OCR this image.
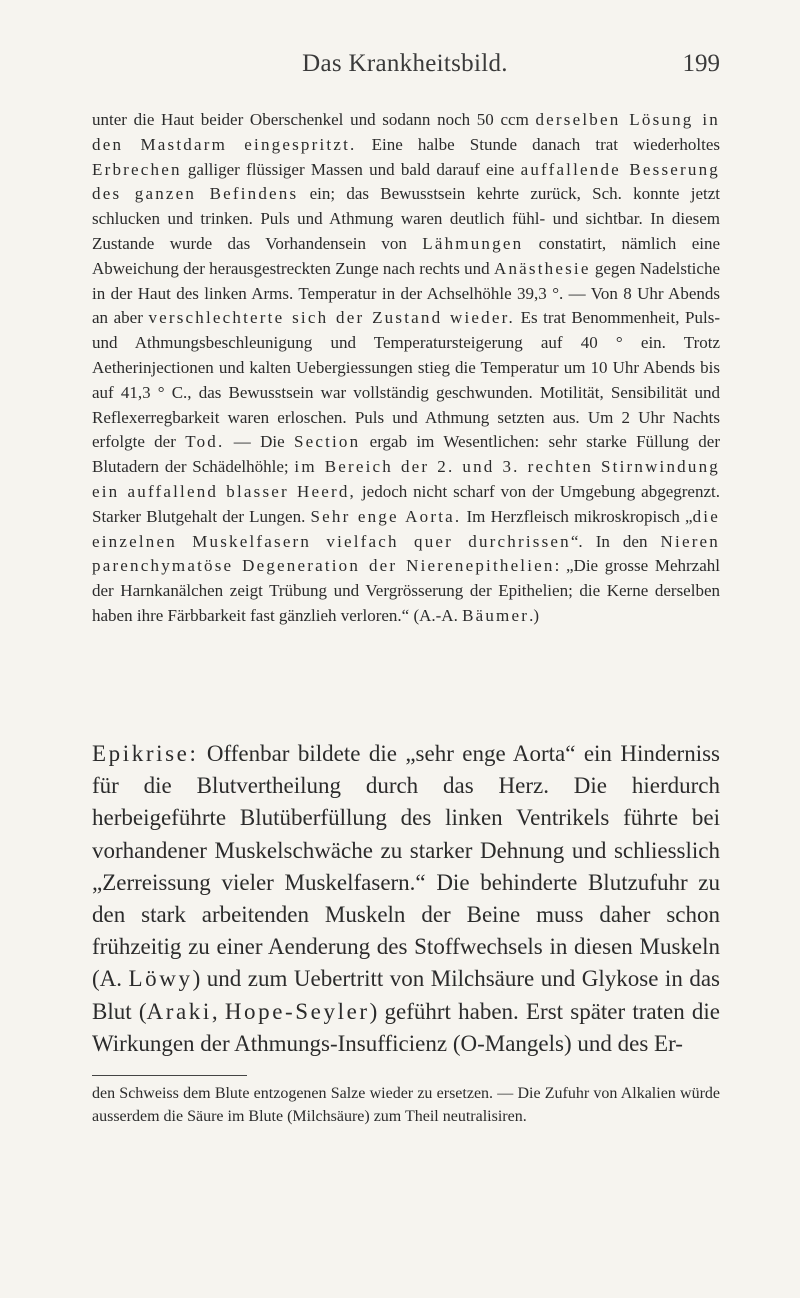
Das Krankheitsbild.	199

unter die Haut beider Oberschenkel und sodann noch 50 ccm derselben Lösung in den Mastdarm eingespritzt. Eine halbe Stunde danach trat wiederholtes Erbrechen galliger flüssiger Massen und bald darauf eine auffallende Besserung des ganzen Befindens ein; das Bewusstsein kehrte zurück, Sch. konnte jetzt schlucken und trinken. Puls und Athmung waren deutlich fühl- und sichtbar. In diesem Zustande wurde das Vorhandensein von Lähmungen constatirt, nämlich eine Abweichung der herausgestreckten Zunge nach rechts und Anästhesie gegen Nadelstiche in der Haut des linken Arms. Temperatur in der Achselhöhle 39,3 °. — Von 8 Uhr Abends an aber verschlechterte sich der Zustand wieder. Es trat Benommenheit, Puls- und Athmungsbeschleunigung und Temperatursteigerung auf 40 ° ein. Trotz Aetherinjectionen und kalten Uebergiessungen stieg die Temperatur um 10 Uhr Abends bis auf 41,3 ° C., das Bewusstsein war vollständig geschwunden. Motilität, Sensibilität und Reflexerregbarkeit waren erloschen. Puls und Athmung setzten aus. Um 2 Uhr Nachts erfolgte der Tod. — Die Section ergab im Wesentlichen: sehr starke Füllung der Blutadern der Schädelhöhle; im Bereich der 2. und 3. rechten Stirnwindung ein auffallend blasser Heerd, jedoch nicht scharf von der Umgebung abgegrenzt. Starker Blutgehalt der Lungen. Sehr enge Aorta. Im Herzfleisch mikroskropisch „die einzelnen Muskelfasern vielfach quer durchrissen“. In den Nieren parenchymatöse Degeneration der Nierenepithelien: „Die grosse Mehrzahl der Harnkanälchen zeigt Trübung und Vergrösserung der Epithelien; die Kerne derselben haben ihre Färbbarkeit fast gänzlieh verloren.“ (A.-A. Bäumer.)

Epikrise: Offenbar bildete die „sehr enge Aorta“ ein Hinderniss für die Blutvertheilung durch das Herz. Die hierdurch herbeigeführte Blutüberfüllung des linken Ventrikels führte bei vorhandener Muskelschwäche zu starker Dehnung und schliesslich „Zerreissung vieler Muskelfasern.“ Die behinderte Blutzufuhr zu den stark arbeitenden Muskeln der Beine muss daher schon frühzeitig zu einer Aenderung des Stoffwechsels in diesen Muskeln (A. Löwy) und zum Uebertritt von Milchsäure und Glykose in das Blut (Araki, Hope-Seyler) geführt haben. Erst später traten die Wirkungen der Athmungs-Insufficienz (O-Mangels) und des Er-

den Schweiss dem Blute entzogenen Salze wieder zu ersetzen. — Die Zufuhr von Alkalien würde ausserdem die Säure im Blute (Milchsäure) zum Theil neutralisiren.
